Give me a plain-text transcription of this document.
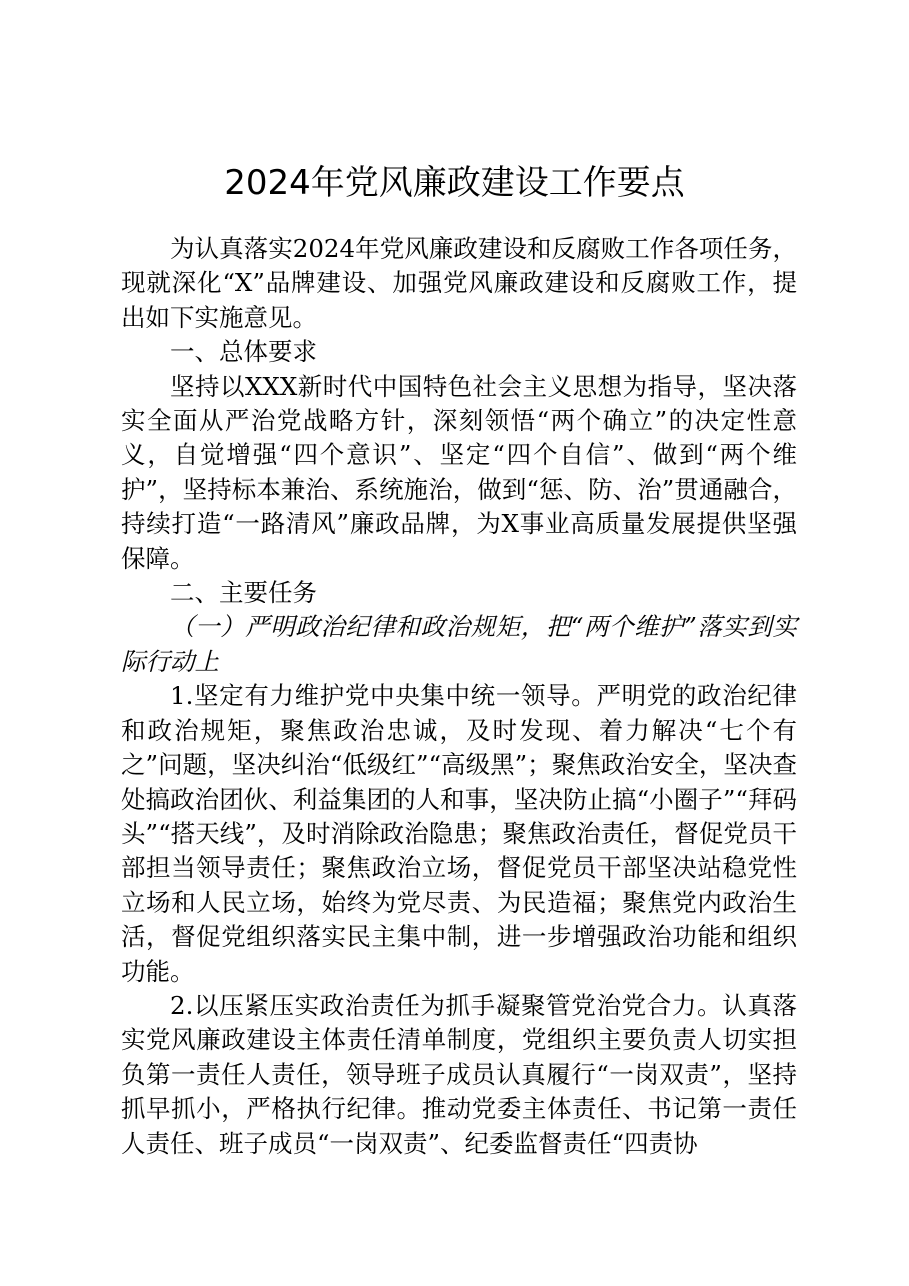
2024年党风廉政建设工作要点

为认真落实2024年党风廉政建设和反腐败工作各项任务，现就深化“X”品牌建设、加强党风廉政建设和反腐败工作，提出如下实施意见。

一、总体要求

坚持以XXX新时代中国特色社会主义思想为指导，坚决落实全面从严治党战略方针，深刻领悟“两个确立”的决定性意义，自觉增强“四个意识”、坚定“四个自信”、做到“两个维护”，坚持标本兼治、系统施治，做到“惩、防、治”贯通融合，持续打造“一路清风”廉政品牌，为X事业高质量发展提供坚强保障。

二、主要任务

（一）严明政治纪律和政治规矩，把“两个维护”落实到实际行动上

1.坚定有力维护党中央集中统一领导。严明党的政治纪律和政治规矩，聚焦政治忠诚，及时发现、着力解决“七个有之”问题，坚决纠治“低级红”“高级黑”；聚焦政治安全，坚决查处搞政治团伙、利益集团的人和事，坚决防止搞“小圈子”“拜码头”“搭天线”，及时消除政治隐患；聚焦政治责任，督促党员干部担当领导责任；聚焦政治立场，督促党员干部坚决站稳党性立场和人民立场，始终为党尽责、为民造福；聚焦党内政治生活，督促党组织落实民主集中制，进一步增强政治功能和组织功能。

2.以压紧压实政治责任为抓手凝聚管党治党合力。认真落实党风廉政建设主体责任清单制度，党组织主要负责人切实担负第一责任人责任，领导班子成员认真履行“一岗双责”，坚持抓早抓小，严格执行纪律。推动党委主体责任、书记第一责任人责任、班子成员“一岗双责”、纪委监督责任“四责协
